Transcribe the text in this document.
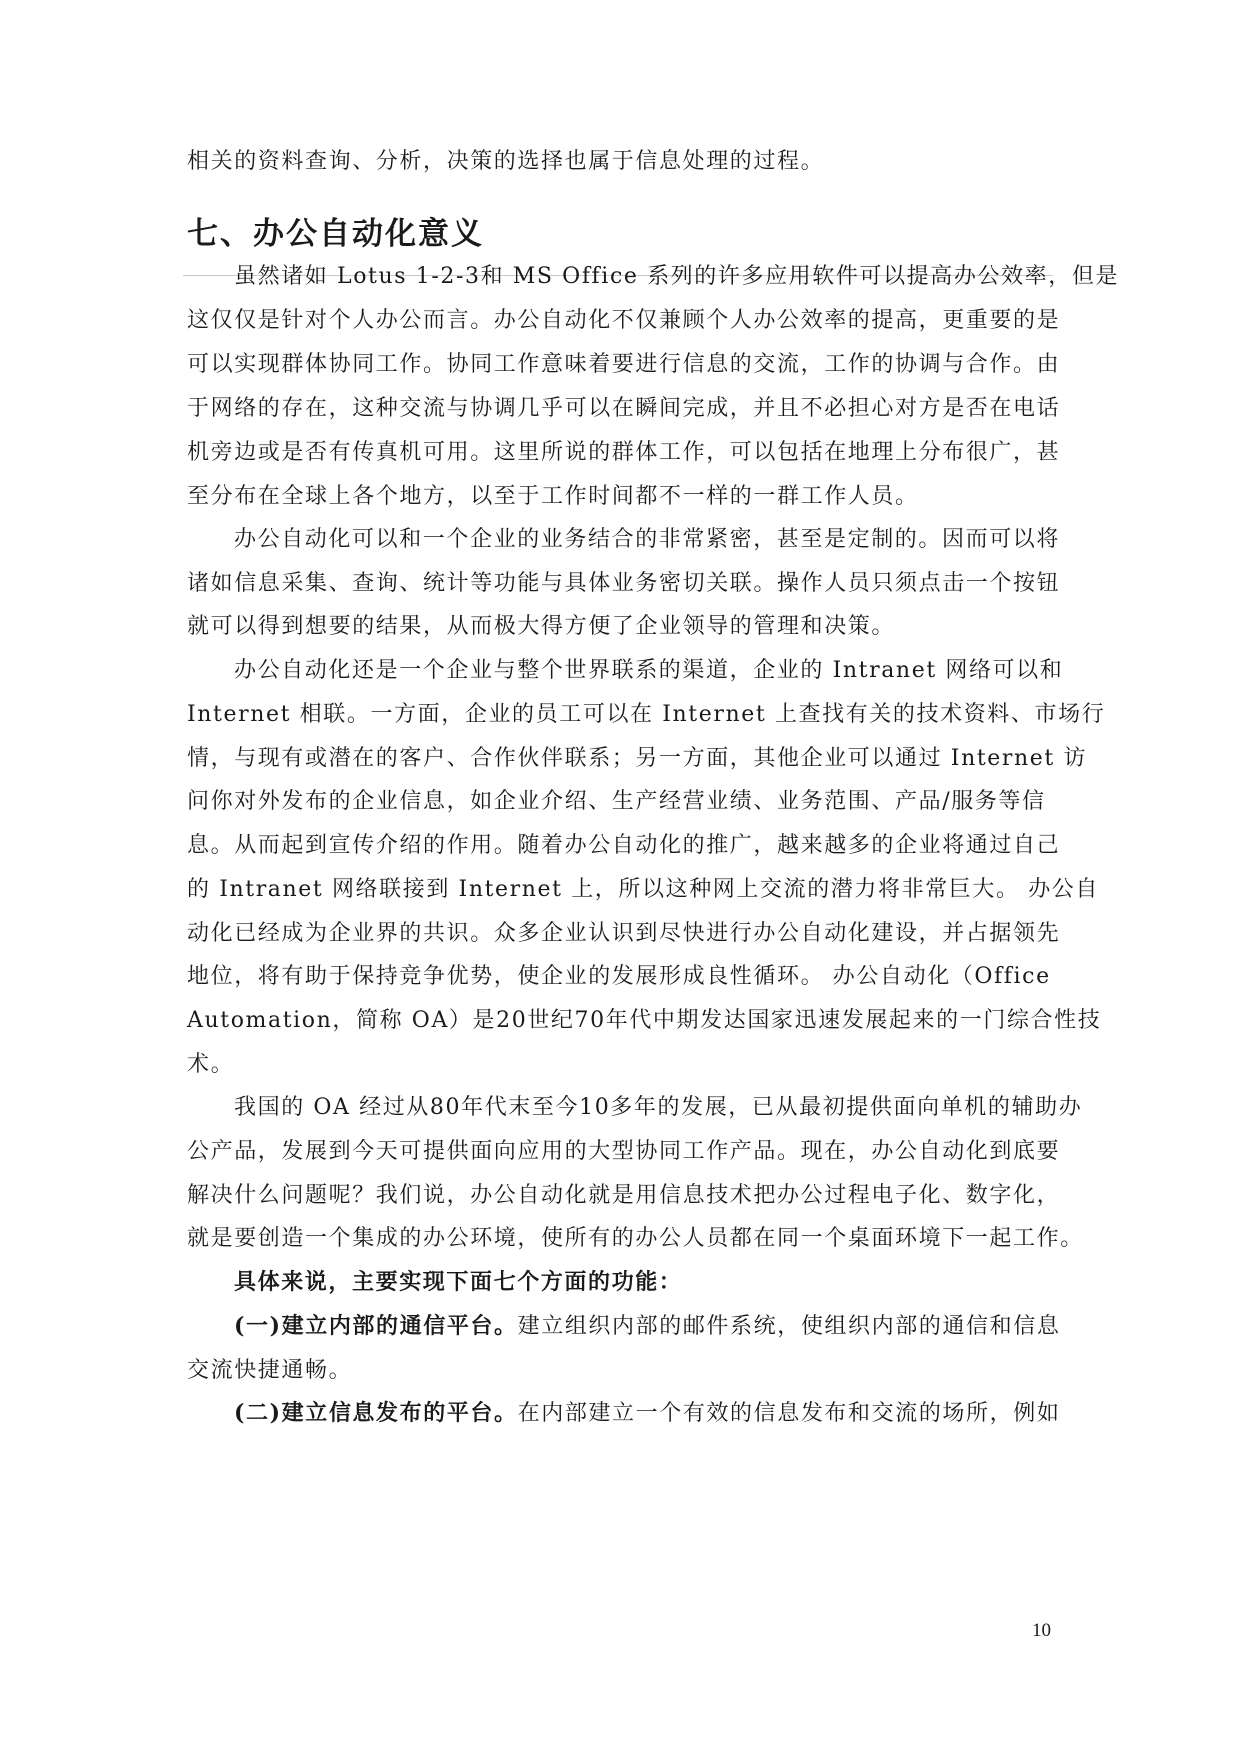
相关的资料查询、分析，决策的选择也属于信息处理的过程。
七、办公自动化意义
虽然诸如 Lotus 1-2-3和 MS Office 系列的许多应用软件可以提高办公效率，但是
这仅仅是针对个人办公而言。办公自动化不仅兼顾个人办公效率的提高，更重要的是
可以实现群体协同工作。协同工作意味着要进行信息的交流，工作的协调与合作。由
于网络的存在，这种交流与协调几乎可以在瞬间完成，并且不必担心对方是否在电话
机旁边或是否有传真机可用。这里所说的群体工作，可以包括在地理上分布很广，甚
至分布在全球上各个地方，以至于工作时间都不一样的一群工作人员。
办公自动化可以和一个企业的业务结合的非常紧密，甚至是定制的。因而可以将
诸如信息采集、查询、统计等功能与具体业务密切关联。操作人员只须点击一个按钮
就可以得到想要的结果，从而极大得方便了企业领导的管理和决策。
办公自动化还是一个企业与整个世界联系的渠道，企业的 Intranet 网络可以和
Internet 相联。一方面，企业的员工可以在 Internet 上查找有关的技术资料、市场行
情，与现有或潜在的客户、合作伙伴联系；另一方面，其他企业可以通过 Internet 访
问你对外发布的企业信息，如企业介绍、生产经营业绩、业务范围、产品/服务等信
息。从而起到宣传介绍的作用。随着办公自动化的推广，越来越多的企业将通过自己
的 Intranet 网络联接到 Internet 上，所以这种网上交流的潜力将非常巨大。 办公自
动化已经成为企业界的共识。众多企业认识到尽快进行办公自动化建设，并占据领先
地位，将有助于保持竞争优势，使企业的发展形成良性循环。 办公自动化（Office
Automation，简称 OA）是20世纪70年代中期发达国家迅速发展起来的一门综合性技
术。
我国的 OA 经过从80年代末至今10多年的发展，已从最初提供面向单机的辅助办
公产品，发展到今天可提供面向应用的大型协同工作产品。现在，办公自动化到底要
解决什么问题呢？我们说，办公自动化就是用信息技术把办公过程电子化、数字化，
就是要创造一个集成的办公环境，使所有的办公人员都在同一个桌面环境下一起工作。
具体来说，主要实现下面七个方面的功能：
(一)建立内部的通信平台。建立组织内部的邮件系统，使组织内部的通信和信息
交流快捷通畅。
(二)建立信息发布的平台。在内部建立一个有效的信息发布和交流的场所，例如
10
